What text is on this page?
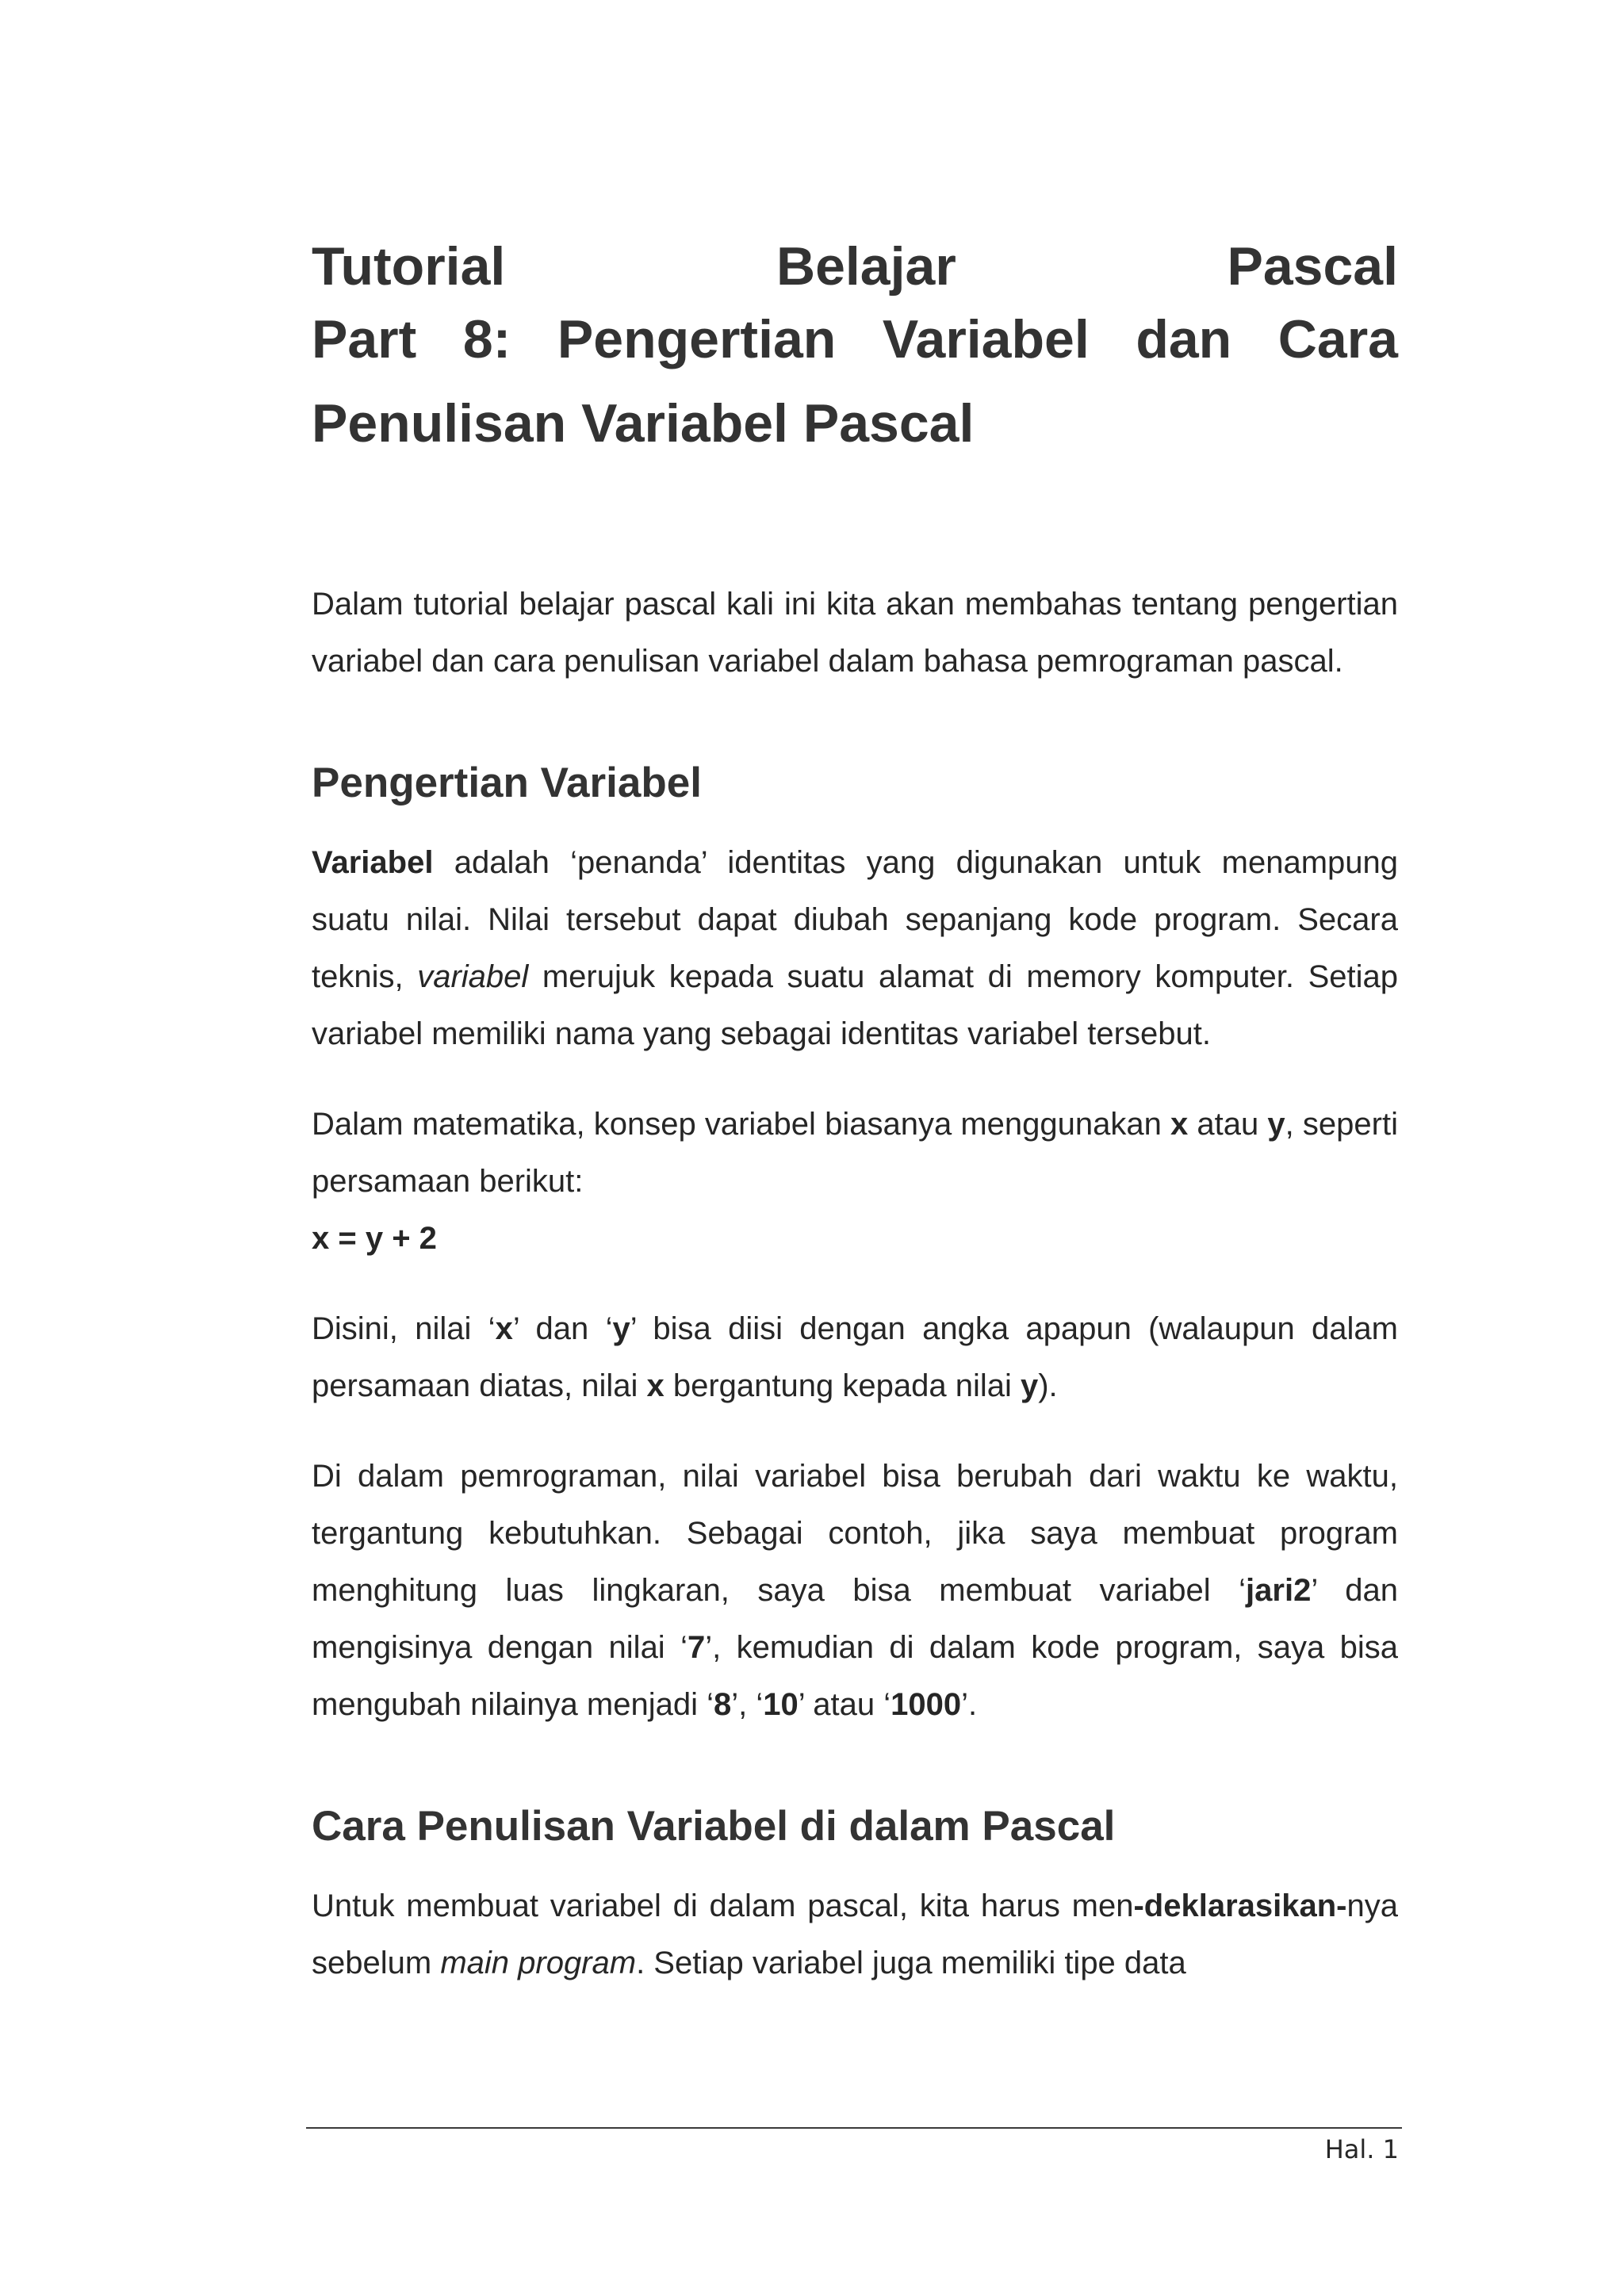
Tutorial Belajar Pascal
Part 8: Pengertian Variabel dan Cara
Penulisan Variabel Pascal

Dalam tutorial belajar pascal kali ini kita akan membahas tentang pengertian variabel dan cara penulisan variabel dalam bahasa pemrograman pascal.

Pengertian Variabel

Variabel adalah ‘penanda’ identitas yang digunakan untuk menampung suatu nilai. Nilai tersebut dapat diubah sepanjang kode program. Secara teknis, variabel merujuk kepada suatu alamat di memory komputer. Setiap variabel memiliki nama yang sebagai identitas variabel tersebut.

Dalam matematika, konsep variabel biasanya menggunakan x atau y, seperti persamaan berikut:
x = y + 2

Disini, nilai ‘x’ dan ‘y’ bisa diisi dengan angka apapun (walaupun dalam persamaan diatas, nilai x bergantung kepada nilai y).

Di dalam pemrograman, nilai variabel bisa berubah dari waktu ke waktu, tergantung kebutuhkan. Sebagai contoh, jika saya membuat program menghitung luas lingkaran, saya bisa membuat variabel ‘jari2’ dan mengisinya dengan nilai ‘7’, kemudian di dalam kode program, saya bisa mengubah nilainya menjadi ‘8’, ‘10’ atau ‘1000’.

Cara Penulisan Variabel di dalam Pascal

Untuk membuat variabel di dalam pascal, kita harus men-deklarasikan-nya sebelum main program. Setiap variabel juga memiliki tipe data

Hal. 1
